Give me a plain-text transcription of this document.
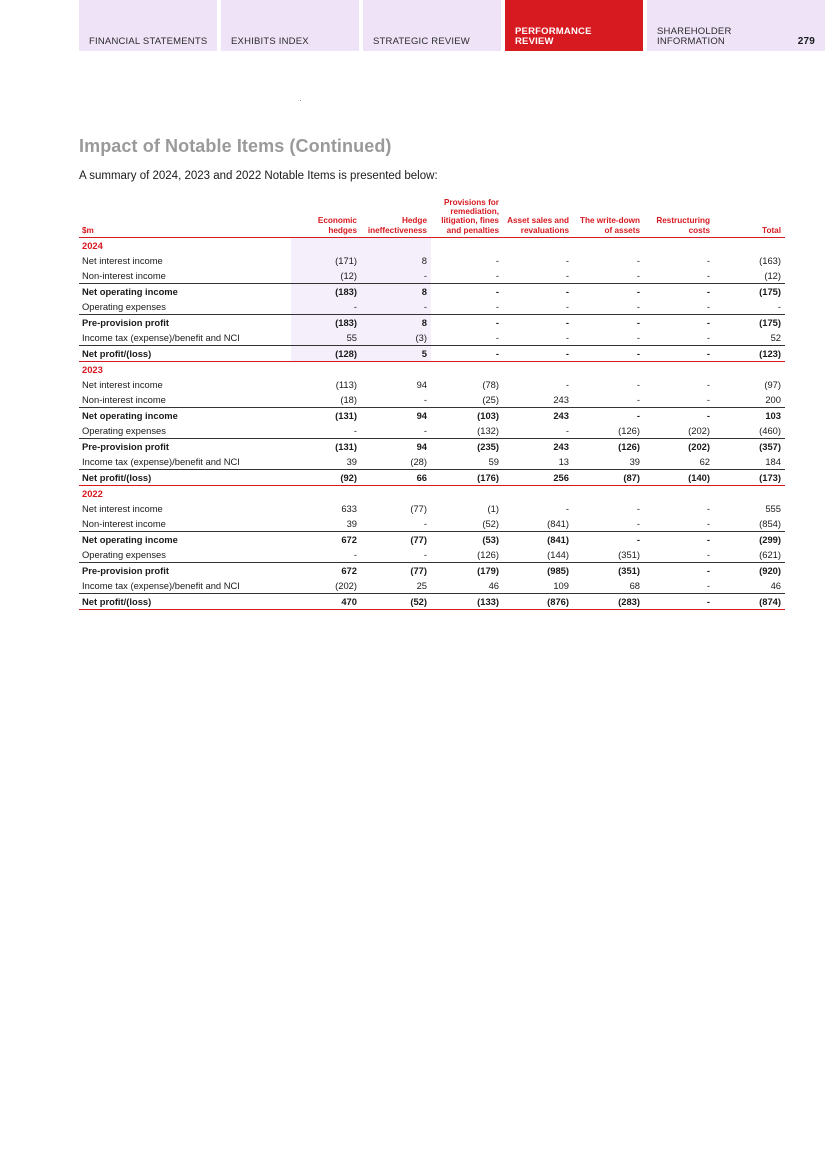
FINANCIAL STATEMENTS EXHIBITS INDEX	STRATEGIC REVIEW
PERFORMANCE REVIEW
SHAREHOLDER INFORMATION	279
Impact of Notable Items (Continued)
A summary of 2024, 2023 and 2022 Notable Items is presented below:
$m	Economic hedges	Hedge ineffectiveness	Provisions for remediation, litigation, fines and penalties	Asset sales and revaluations	The write-down of assets	Restructuring costs	Total
2024							
Net interest income	(171)	8	-	-	-	-	(163)
Non-interest income	(12)	-	-	-	-	-	(12)
Net operating income	(183)	8	-	-	-	-	(175)
Operating expenses	-	-	-	-	-	-	-
Pre-provision profit	(183)	8	-	-	-	-	(175)
Income tax (expense)/benefit and NCI	55	(3)	-	-	-	-	52
Net profit/(loss)	(128)	5	-	-	-	-	(123)
2023							
Net interest income	(113)	94	(78)	-	-	-	(97)
Non-interest income	(18)	-	(25)	243	-	-	200
Net operating income	(131)	94	(103)	243	-	-	103
Operating expenses	-	-	(132)	-	(126)	(202)	(460)
Pre-provision profit	(131)	94	(235)	243	(126)	(202)	(357)
Income tax (expense)/benefit and NCI	39	(28)	59	13	39	62	184
Net profit/(loss)	(92)	66	(176)	256	(87)	(140)	(173)
2022							
Net interest income	633	(77)	(1)	-	-	-	555
Non-interest income	39	-	(52)	(841)	-	-	(854)
Net operating income	672	(77)	(53)	(841)	-	-	(299)
Operating expenses	-	-	(126)	(144)	(351)	-	(621)
Pre-provision profit	672	(77)	(179)	(985)	(351)	-	(920)
Income tax (expense)/benefit and NCI	(202)	25	46	109	68	-	46
Net profit/(loss)	470	(52)	(133)	(876)	(283)	-	(874)
